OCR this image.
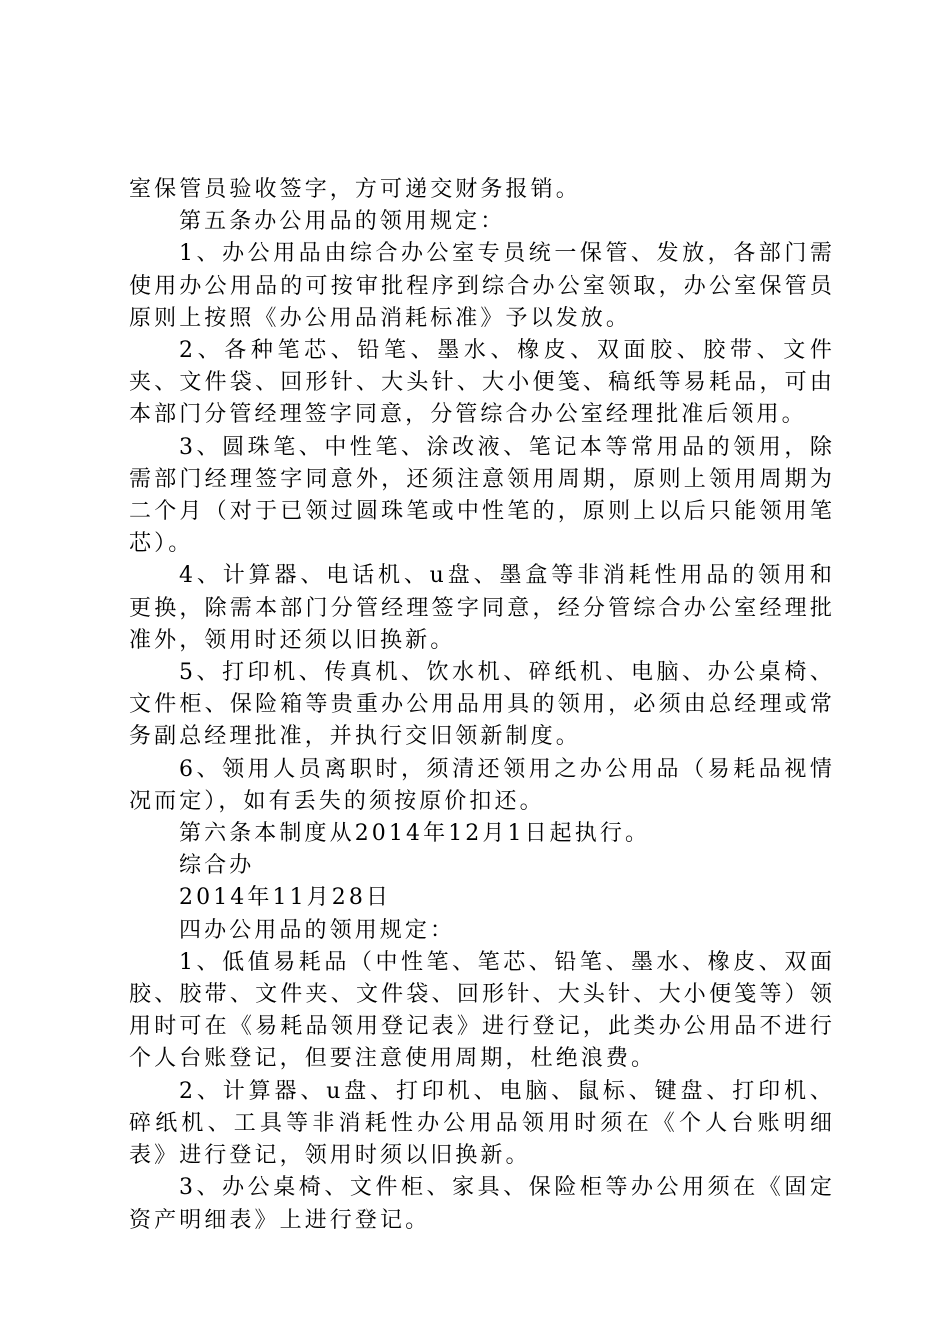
室保管员验收签字，方可递交财务报销。

第五条办公用品的领用规定：

1、办公用品由综合办公室专员统一保管、发放，各部门需使用办公用品的可按审批程序到综合办公室领取，办公室保管员原则上按照《办公用品消耗标准》予以发放。

2、各种笔芯、铅笔、墨水、橡皮、双面胶、胶带、文件夹、文件袋、回形针、大头针、大小便笺、稿纸等易耗品，可由本部门分管经理签字同意，分管综合办公室经理批准后领用。

3、圆珠笔、中性笔、涂改液、笔记本等常用品的领用，除需部门经理签字同意外，还须注意领用周期，原则上领用周期为二个月（对于已领过圆珠笔或中性笔的，原则上以后只能领用笔芯）。

4、计算器、电话机、u盘、墨盒等非消耗性用品的领用和更换，除需本部门分管经理签字同意，经分管综合办公室经理批准外，领用时还须以旧换新。

5、打印机、传真机、饮水机、碎纸机、电脑、办公桌椅、文件柜、保险箱等贵重办公用品用具的领用，必须由总经理或常务副总经理批准，并执行交旧领新制度。

6、领用人员离职时，须清还领用之办公用品（易耗品视情况而定），如有丢失的须按原价扣还。

第六条本制度从2014年12月1日起执行。

综合办

2014年11月28日

四办公用品的领用规定：

1、低值易耗品（中性笔、笔芯、铅笔、墨水、橡皮、双面胶、胶带、文件夹、文件袋、回形针、大头针、大小便笺等）领用时可在《易耗品领用登记表》进行登记，此类办公用品不进行个人台账登记，但要注意使用周期，杜绝浪费。

2、计算器、u盘、打印机、电脑、鼠标、键盘、打印机、碎纸机、工具等非消耗性办公用品领用时须在《个人台账明细表》进行登记，领用时须以旧换新。

3、办公桌椅、文件柜、家具、保险柜等办公用须在《固定资产明细表》上进行登记。
